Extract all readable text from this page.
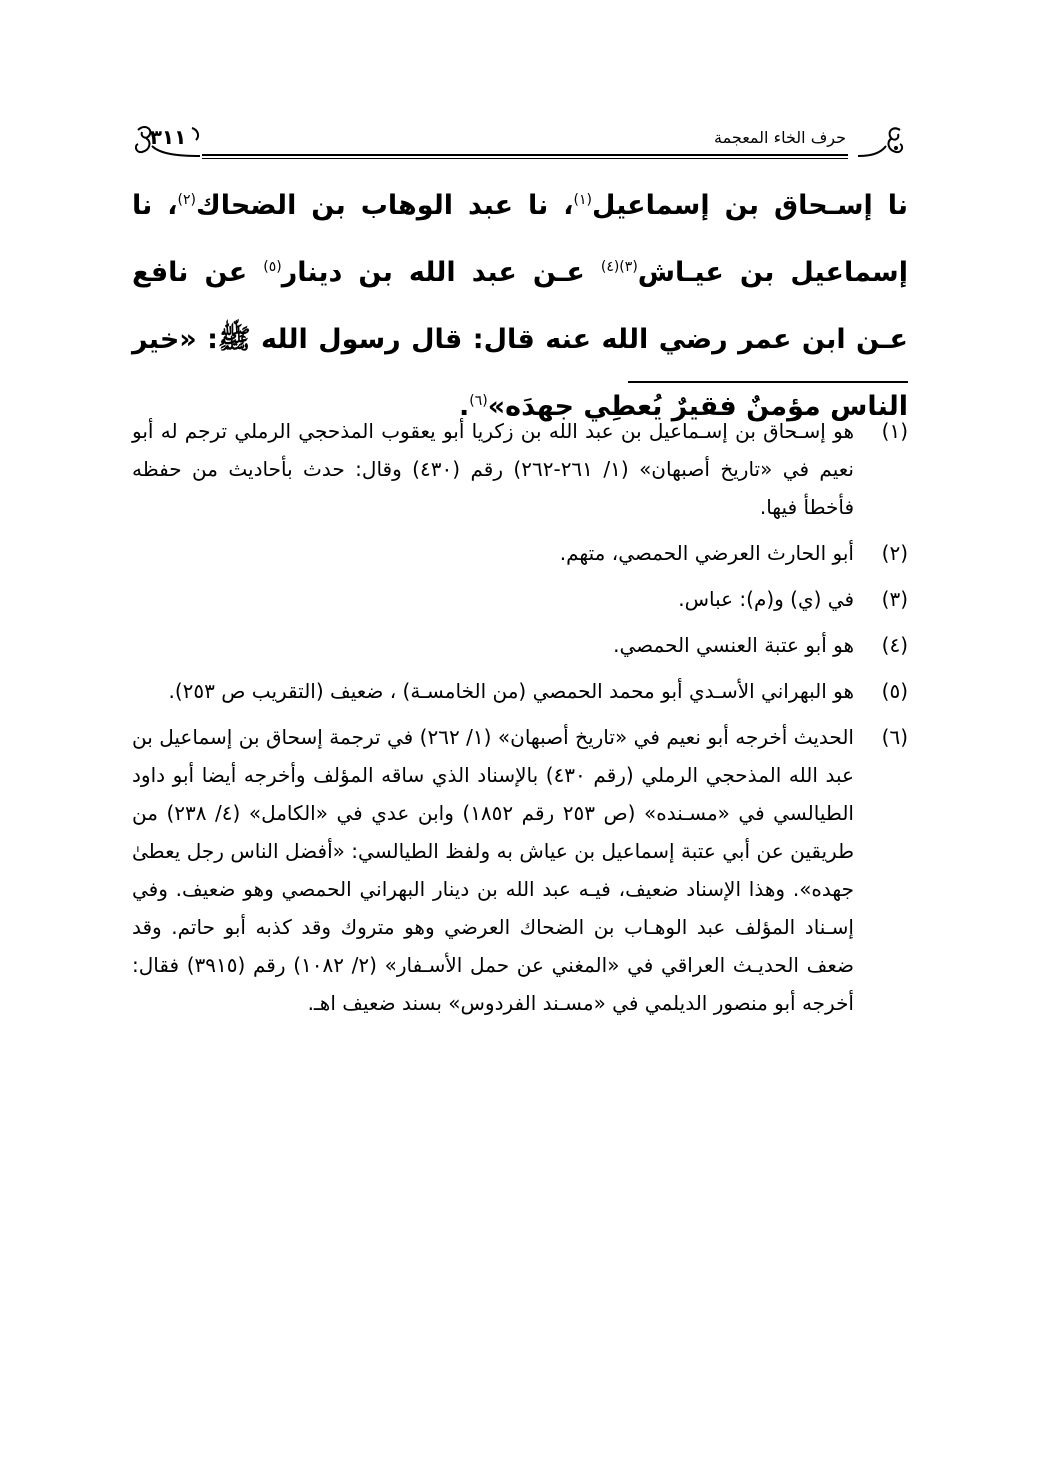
حرف الخاء المعجمة
٣١١
نا إسـحاق بن إسماعيل$^{(١)}$، نا عبد الوهاب بن الضحاك$^{(٢)}$، نا إسماعيل بن عيـاش$^{(٣)(٤)}$ عـن عبد الله بن دينار$^{(٥)}$ عن نافع عـن ابن عمر رضي الله عنه قال: قال رسول الله ﷺ: «خير الناس مؤمنٌ فقيرٌ يُعطِي جهدَه»$^{(٦)}$.
(١)
هو إسـحاق بن إسـماعيل بن عبد الله بن زكريا أبو يعقوب المذحجي الرملي ترجم له أبو نعيم في «تاريخ أصبهان» (١/ ٢٦١-٢٦٢) رقم (٤٣٠) وقال: حدث بأحاديث من حفظه فأخطأ فيها.
(٢)
أبو الحارث العرضي الحمصي، متهم.
(٣)
في (ي) و(م): عباس.
(٤)
هو أبو عتبة العنسي الحمصي.
(٥)
هو البهراني الأسـدي أبو محمد الحمصي (من الخامسـة) ، ضعيف (التقريب ص ٢٥٣).
(٦)
الحديث أخرجه أبو نعيم في «تاريخ أصبهان» (١/ ٢٦٢) في ترجمة إسحاق بن إسماعيل بن عبد الله المذحجي الرملي (رقم ٤٣٠) بالإسناد الذي ساقه المؤلف وأخرجه أيضا أبو داود الطيالسي في «مسـنده» (ص ٢٥٣ رقم ١٨٥٢) وابن عدي في «الكامل» (٤/ ٢٣٨) من طريقين عن أبي عتبة إسماعيل بن عياش به ولفظ الطيالسي: «أفضل الناس رجل يعطىٰ جهده». وهذا الإسناد ضعيف، فيـه عبد الله بن دينار البهراني الحمصي وهو ضعيف. وفي إسـناد المؤلف عبد الوهـاب بن الضحاك العرضي وهو متروك وقد كذبه أبو حاتم. وقد ضعف الحديـث العراقي في «المغني عن حمل الأسـفار» (٢/ ١٠٨٢) رقم (٣٩١٥) فقال: أخرجه أبو منصور الديلمي في «مسـند الفردوس» بسند ضعيف اهـ.
